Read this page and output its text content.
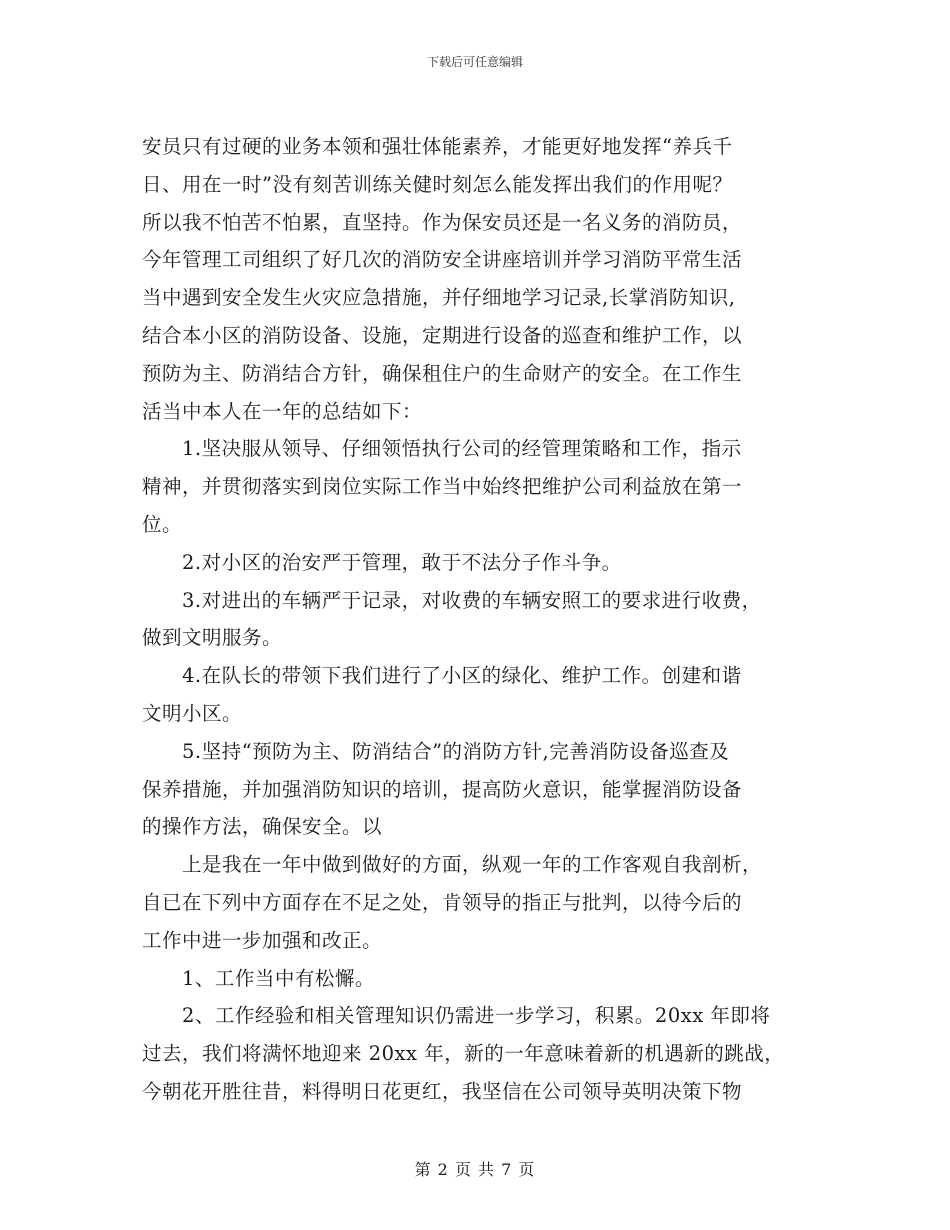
下载后可任意编辑
安员只有过硬的业务本领和强壮体能素养，才能更好地发挥“养兵千
日、用在一时”没有刻苦训练关健时刻怎么能发挥出我们的作用呢？
所以我不怕苦不怕累，直坚持。作为保安员还是一名义务的消防员，
今年管理工司组织了好几次的消防安全讲座培训并学习消防平常生活
当中遇到安全发生火灾应急措施，并仔细地学习记录,长掌消防知识,
结合本小区的消防设备、设施，定期进行设备的巡查和维护工作，以
预防为主、防消结合方针，确保租住户的生命财产的安全。在工作生
活当中本人在一年的总结如下：
1.坚决服从领导、仔细领悟执行公司的经管理策略和工作，指示
精神，并贯彻落实到岗位实际工作当中始终把维护公司利益放在第一
位。
2.对小区的治安严于管理，敢于不法分子作斗争。
3.对进出的车辆严于记录，对收费的车辆安照工的要求进行收费，
做到文明服务。
4.在队长的带领下我们进行了小区的绿化、维护工作。创建和谐
文明小区。
5.坚持“预防为主、防消结合”的消防方针,完善消防设备巡查及
保养措施，并加强消防知识的培训，提高防火意识，能掌握消防设备
的操作方法，确保安全。以
上是我在一年中做到做好的方面，纵观一年的工作客观自我剖析，
自已在下列中方面存在不足之处，肯领导的指正与批判，以待今后的
工作中进一步加强和改正。
1、工作当中有松懈。
2、工作经验和相关管理知识仍需进一步学习，积累。20xx 年即将
过去，我们将满怀地迎来 20xx 年，新的一年意味着新的机遇新的跳战，
今朝花开胜往昔，料得明日花更红，我坚信在公司领导英明决策下物
第 2 页 共 7 页
